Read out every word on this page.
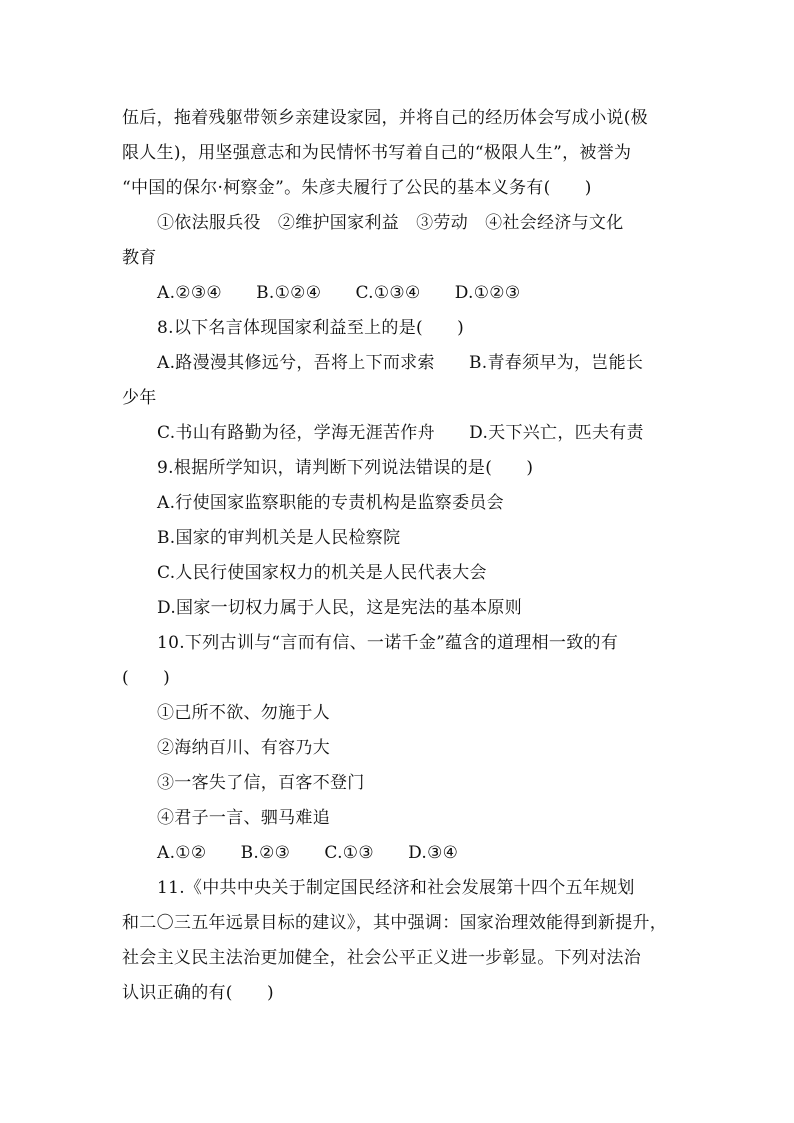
伍后，拖着残躯带领乡亲建设家园，并将自己的经历体会写成小说(极
限人生)，用坚强意志和为民情怀书写着自己的“极限人生”，被誉为
“中国的保尔·柯察金”。朱彦夫履行了公民的基本义务有(      )
①依法服兵役   ②维护国家利益   ③劳动   ④社会经济与文化
教育
A.②③④      B.①②④      C.①③④      D.①②③
8.以下名言体现国家利益至上的是(      )
A.路漫漫其修远兮，吾将上下而求索      B.青春须早为，岂能长
少年
C.书山有路勤为径，学海无涯苦作舟      D.天下兴亡，匹夫有责
9.根据所学知识，请判断下列说法错误的是(      )
A.行使国家监察职能的专责机构是监察委员会
B.国家的审判机关是人民检察院
C.人民行使国家权力的机关是人民代表大会
D.国家一切权力属于人民，这是宪法的基本原则
10.下列古训与“言而有信、一诺千金”蕴含的道理相一致的有
(      )
①己所不欲、勿施于人
②海纳百川、有容乃大
③一客失了信，百客不登门
④君子一言、驷马难追
A.①②      B.②③      C.①③      D.③④
11.《中共中央关于制定国民经济和社会发展第十四个五年规划
和二〇三五年远景目标的建议》，其中强调：国家治理效能得到新提升，
社会主义民主法治更加健全，社会公平正义进一步彰显。下列对法治
认识正确的有(      )
